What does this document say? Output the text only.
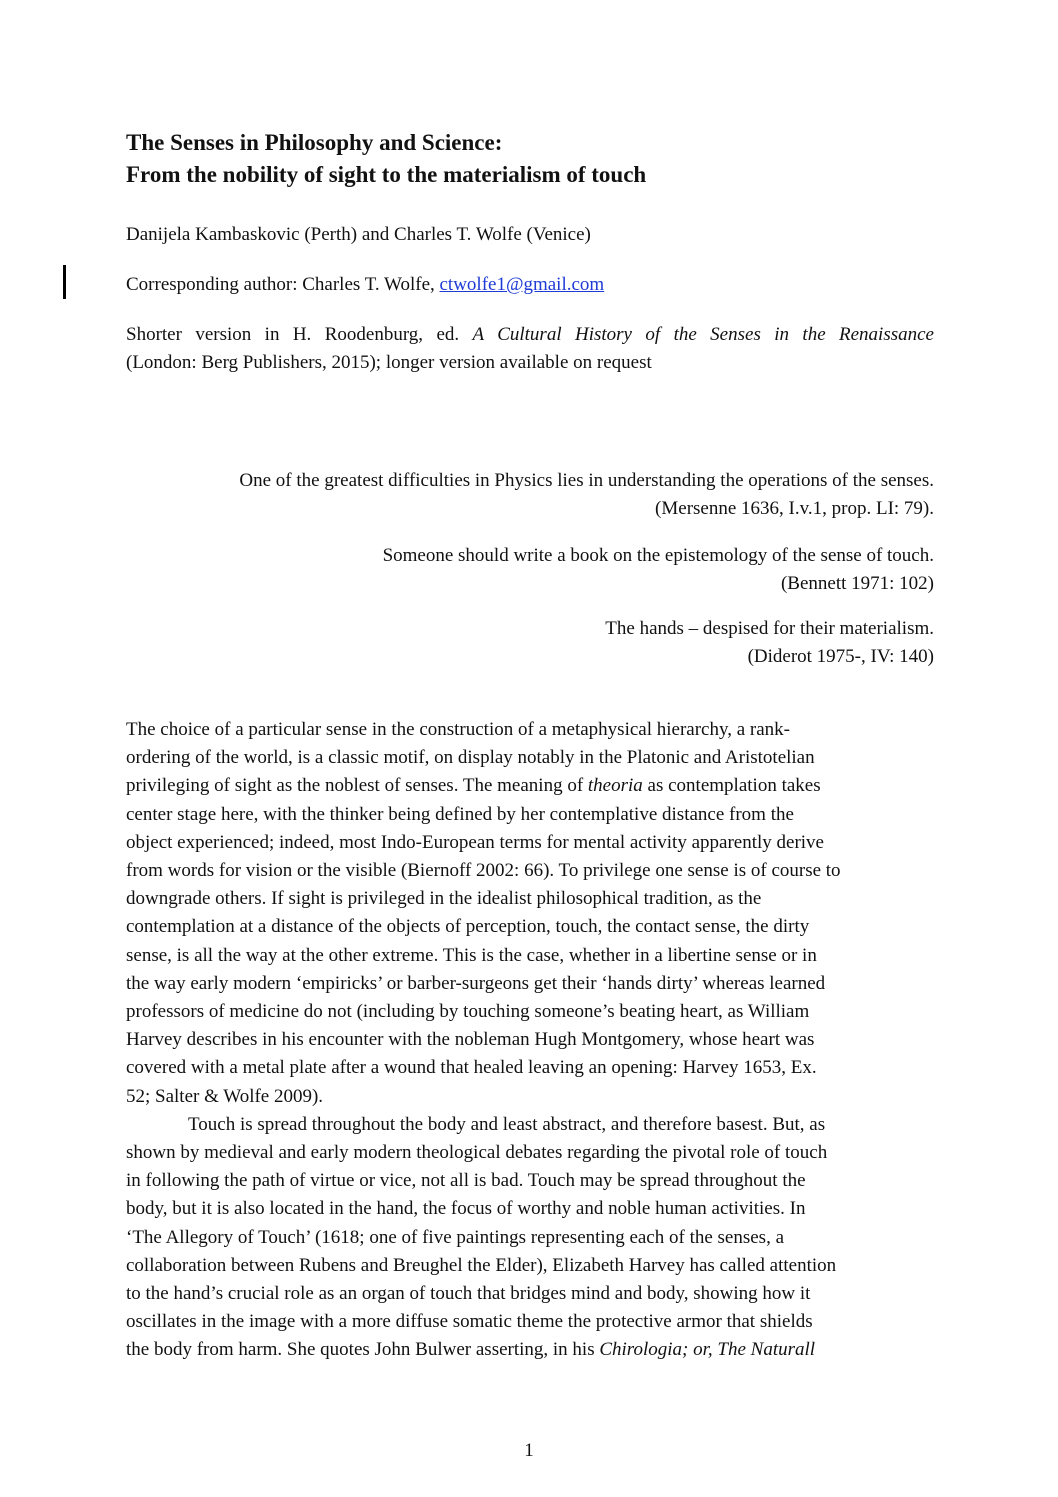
The Senses in Philosophy and Science:
From the nobility of sight to the materialism of touch
Danijela Kambaskovic (Perth) and Charles T. Wolfe (Venice)
Corresponding author: Charles T. Wolfe, ctwolfe1@gmail.com
Shorter version in H. Roodenburg, ed. A Cultural History of the Senses in the Renaissance
(London: Berg Publishers, 2015); longer version available on request
One of the greatest difficulties in Physics lies in understanding the operations of the senses.
(Mersenne 1636, I.v.1, prop. LI: 79).
Someone should write a book on the epistemology of the sense of touch.
(Bennett 1971: 102)
The hands – despised for their materialism.
(Diderot 1975-, IV: 140)

The choice of a particular sense in the construction of a metaphysical hierarchy, a rank-
ordering of the world, is a classic motif, on display notably in the Platonic and Aristotelian
privileging of sight as the noblest of senses. The meaning of theoria as contemplation takes
center stage here, with the thinker being defined by her contemplative distance from the
object experienced; indeed, most Indo-European terms for mental activity apparently derive
from words for vision or the visible (Biernoff 2002: 66). To privilege one sense is of course to
downgrade others. If sight is privileged in the idealist philosophical tradition, as the
contemplation at a distance of the objects of perception, touch, the contact sense, the dirty
sense, is all the way at the other extreme. This is the case, whether in a libertine sense or in
the way early modern ‘empiricks’ or barber-surgeons get their ‘hands dirty’ whereas learned
professors of medicine do not (including by touching someone’s beating heart, as William
Harvey describes in his encounter with the nobleman Hugh Montgomery, whose heart was
covered with a metal plate after a wound that healed leaving an opening: Harvey 1653, Ex.
52; Salter & Wolfe 2009).

Touch is spread throughout the body and least abstract, and therefore basest. But, as
shown by medieval and early modern theological debates regarding the pivotal role of touch
in following the path of virtue or vice, not all is bad. Touch may be spread throughout the
body, but it is also located in the hand, the focus of worthy and noble human activities. In
‘The Allegory of Touch’ (1618; one of five paintings representing each of the senses, a
collaboration between Rubens and Breughel the Elder), Elizabeth Harvey has called attention
to the hand’s crucial role as an organ of touch that bridges mind and body, showing how it
oscillates in the image with a more diffuse somatic theme the protective armor that shields
the body from harm. She quotes John Bulwer asserting, in his Chirologia; or, The Naturall

1
